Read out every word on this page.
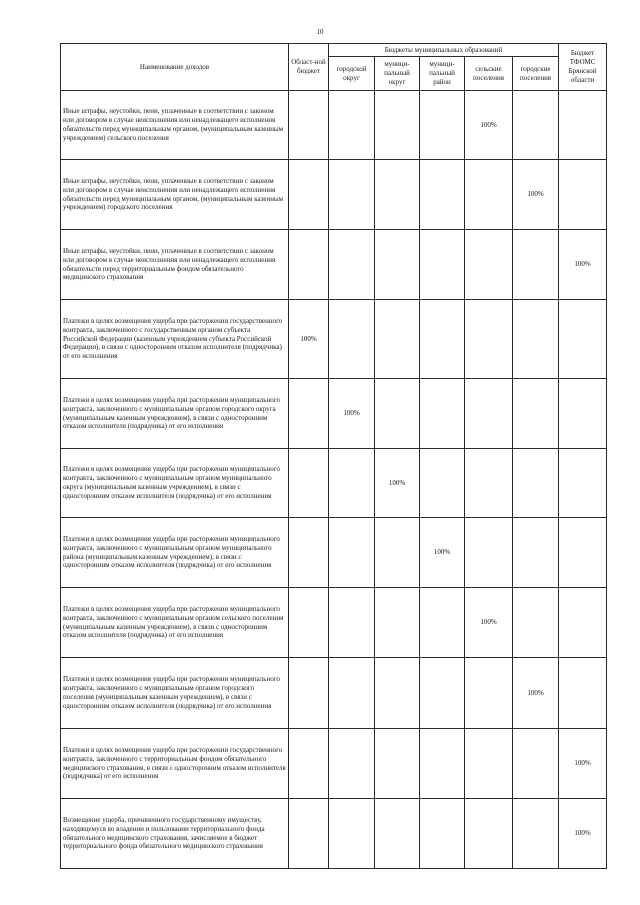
10
Наименование доходов	Област-ной бюджет	Бюджеты муниципальных образований					Бюджет ТФОМС Брянской области
		городской округ	муници-пальный округ	муници-пальный район	сельские поселения	городские поселения	
Иные штрафы, неустойки, пени, уплаченные в соответствии с законом или договором в случае неисполнения или ненадлежащего исполнения обязательств перед муниципальным органом, (муниципальным казенным учреждением) сельского поселения					100%		
Иные штрафы, неустойки, пени, уплаченные в соответствии с законом или договором в случае неисполнения или ненадлежащего исполнения обязательств перед муниципальным органом, (муниципальным казенным учреждением) городского поселения						100%	
Иные штрафы, неустойки, пени, уплаченные в соответствии с законом или договором в случае неисполнения или ненадлежащего исполнения обязательств перед территориальным фондом обязательного медицинского страхования							100%
Платежи в целях возмещения ущерба при расторжении государственного контракта, заключенного с государственным органом субъекта Российской Федерации (казенным учреждением субъекта Российской Федерации), в связи с односторонним отказом исполнителя (подрядчика) от его исполнения	100%						
Платежи в целях возмещения ущерба при расторжении муниципального контракта, заключенного с муниципальным органом городского округа (муниципальным казенным учреждением), в связи с односторонним отказом исполнителя (подрядчика) от его исполнения		100%					
Платежи в целях возмещения ущерба при расторжении муниципального контракта, заключенного с муниципальным органом муниципального округа (муниципальным казенным учреждением), в связи с односторонним отказом исполнителя (подрядчика) от его исполнения			100%				
Платежи в целях возмещения ущерба при расторжении муниципального контракта, заключенного с муниципальным органом муниципального района (муниципальным казенным учреждением), в связи с односторонним отказом исполнителя (подрядчика) от его исполнения				100%			
Платежи в целях возмещения ущерба при расторжении муниципального контракта, заключенного с муниципальным органом сельского поселения (муниципальным казенным учреждением), в связи с односторонним отказом исполнителя (подрядчика) от его исполнения					100%		
Платежи в целях возмещения ущерба при расторжении муниципального контракта, заключенного с муниципальным органом городского поселения (муниципальным казенным учреждением), в связи с односторонним отказом исполнителя (подрядчика) от его исполнения						100%	
Платежи в целях возмещения ущерба при расторжении государственного контракта, заключенного с территориальным фондом обязательного медицинского страхования, в связи с односторонним отказом исполнителя (подрядчика) от его исполнения							100%
Возмещение ущерба, причиненного государственному имуществу, находящемуся во владении и пользовании территориального фонда обязательного медицинского страхования, зачисляемое в бюджет территориального фонда обязательного медицинского страхования							100%
